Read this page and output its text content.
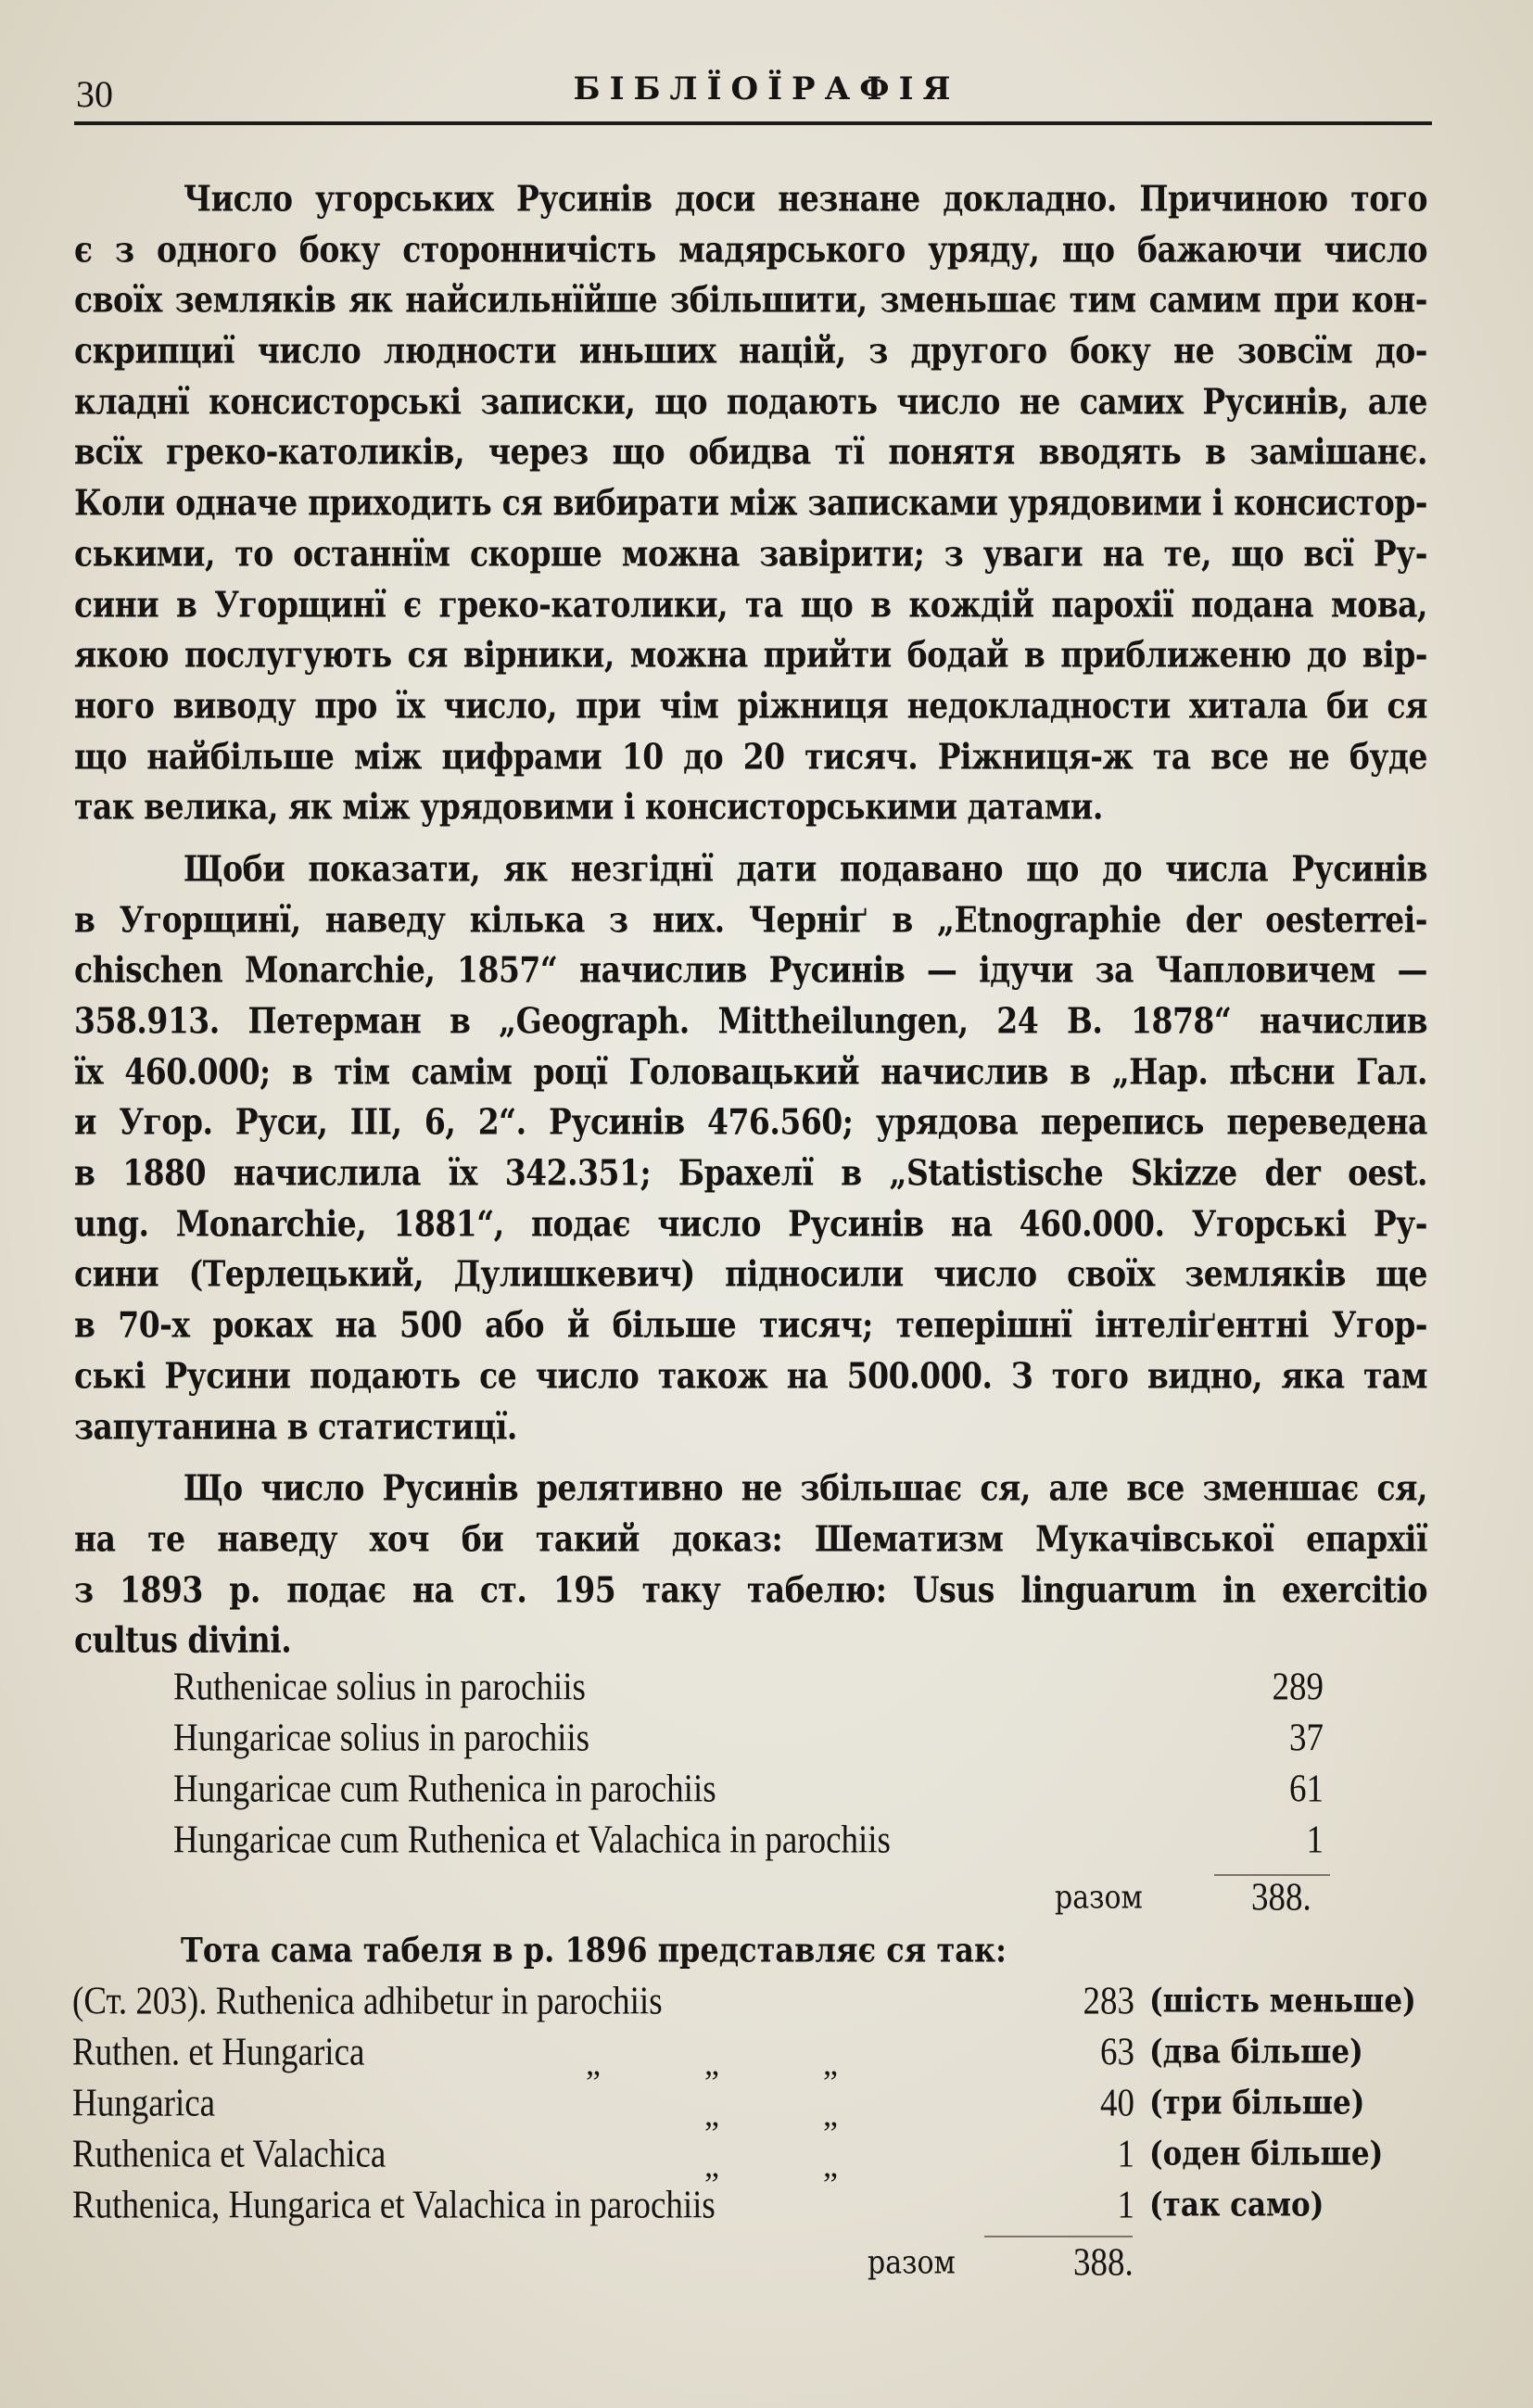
30	БІБЛЇОЇРАФІЯ
Число угорських Русинів доси незнане докладно. Причиною того
є з одного боку сторонничість мадярського уряду, що бажаючи число
своїх земляків як найсильнїйше збільшити, зменьшає тим самим при кон-
скрипциї число людности иньших націй, з другого боку не зовсїм до-
кладнї консисторські записки, що подають число не самих Русинів, але
всїх греко-католиків, через що обидва тї понятя вводять в замішанє.
Коли одначе приходить ся вибирати між записками урядовими і консистор-
ськими, то останнїм скорше можна завірити; з уваги на те, що всї Ру-
сини в Угорщинї є греко-католики, та що в кождій парохії подана мова,
якою послугують ся вірники, можна прийти бодай в приближеню до вір-
ного виводу про їх число, при чім ріжниця недокладности хитала би ся
що найбільше між цифрами 10 до 20 тисяч. Ріжниця-ж та все не буде
так велика, як між урядовими і консисторськими датами.
Щоби показати, як незгіднї дати подавано що до числа Русинів
в Угорщинї, наведу кілька з них. Черніґ в „Etnographie der oesterrei-
chischen Monarchie, 1857“ начислив Русинів — ідучи за Чапловичем —
358.913. Петерман в „Geograph. Mittheilungen, 24 B. 1878“ начислив
їх 460.000; в тім самім роцї Головацький начислив в „Нар. пѣсни Гал.
и Угор. Руси, III, 6, 2“. Русинів 476.560; урядова перепись переведена
в 1880 начислила їх 342.351; Брахелї в „Statistische Skizze der oest.
ung. Monarchie, 1881“, подає число Русинів на 460.000. Угорські Ру-
сини (Терлецький, Дулишкевич) підносили число своїх земляків ще
в 70-х роках на 500 або й більше тисяч; теперішнї інтеліґентні Угор-
ські Русини подають се число також на 500.000. З того видно, яка там
запутанина в статистицї.
Що число Русинів релятивно не збільшає ся, але все зменшає ся,
на те наведу хоч би такий доказ: Шематизм Мукачівської епархії
з 1893 р. подає на ст. 195 таку табелю: Usus linguarum in exercitio
cultus divini.
Ruthenicae solius in parochiis	289
Hungaricae solius in parochiis	37
Hungaricae cum Ruthenica in parochiis	61
Hungaricae cum Ruthenica et Valachica in parochiis	1
разом	388.
Тота сама табеля в р. 1896 представляє ся так:
(Ст. 203). Ruthenica adhibetur in parochiis	283 (шість меньше)
Ruthen. et Hungarica	„	„	„	63 (два більше)
Hungarica	„	„	40 (три більше)
Ruthenica et Valachica	„	„	1 (оден більше)
Ruthenica, Hungarica et Valachica in parochiis	1 (так само)
разом	388.
